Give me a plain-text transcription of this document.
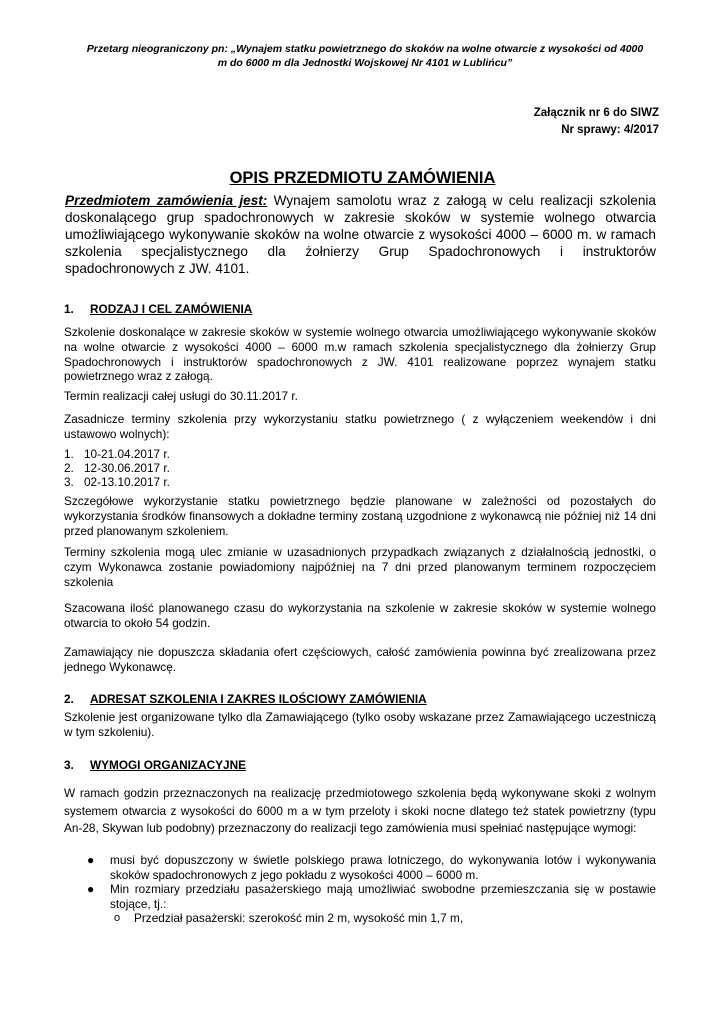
Przetarg nieograniczony pn: „Wynajem statku powietrznego do skoków na wolne otwarcie z wysokości od 4000
m do 6000 m dla Jednostki Wojskowej Nr 4101 w Lublińcu”
Załącznik nr 6 do SIWZ
Nr sprawy: 4/2017
OPIS PRZEDMIOTU ZAMÓWIENIA

Przedmiotem zamówienia jest: Wynajem samolotu wraz z załogą w celu realizacji szkolenia doskonalącego grup spadochronowych w zakresie skoków w systemie wolnego otwarcia umożliwiającego wykonywanie skoków na wolne otwarcie z wysokości 4000 – 6000 m. w ramach szkolenia specjalistycznego dla żołnierzy Grup Spadochronowych i instruktorów spadochronowych z JW. 4101.

1. RODZAJ I CEL ZAMÓWIENIA

Szkolenie doskonalące w zakresie skoków w systemie wolnego otwarcia umożliwiającego wykonywanie skoków na wolne otwarcie z wysokości 4000 – 6000 m.w ramach szkolenia specjalistycznego dla żołnierzy Grup Spadochronowych i instruktorów spadochronowych z JW. 4101 realizowane poprzez wynajem statku powietrznego wraz z załogą.

Termin realizacji całej usługi do 30.11.2017 r.

Zasadnicze terminy szkolenia przy wykorzystaniu statku powietrznego ( z wyłączeniem weekendów i dni ustawowo wolnych):

1. 10-21.04.2017 r.
2. 12-30.06.2017 r.
3. 02-13.10.2017 r.

Szczegółowe wykorzystanie statku powietrznego będzie planowane w zależności od pozostałych do wykorzystania środków finansowych a dokładne terminy zostaną uzgodnione z wykonawcą nie później niż 14 dni przed planowanym szkoleniem.

Terminy szkolenia mogą ulec zmianie w uzasadnionych przypadkach związanych z działalnością jednostki, o czym Wykonawca zostanie powiadomiony najpóźniej na 7 dni przed planowanym terminem rozpoczęciem szkolenia

Szacowana ilość planowanego czasu do wykorzystania na szkolenie w zakresie skoków w systemie wolnego otwarcia to około 54 godzin.

Zamawiający nie dopuszcza składania ofert częściowych, całość zamówienia powinna być zrealizowana przez jednego Wykonawcę.

2. ADRESAT SZKOLENIA I ZAKRES ILOŚCIOWY ZAMÓWIENIA

Szkolenie jest organizowane tylko dla Zamawiającego (tylko osoby wskazane przez Zamawiającego uczestniczą w tym szkoleniu).

3. WYMOGI ORGANIZACYJNE

W ramach godzin przeznaczonych na realizację przedmiotowego szkolenia będą wykonywane skoki z wolnym systemem otwarcia z wysokości do 6000 m a w tym przeloty i skoki nocne dlatego też statek powietrzny (typu An-28, Skywan lub podobny) przeznaczony do realizacji tego zamówienia musi spełniać następujące wymogi:

● musi być dopuszczony w świetle polskiego prawa lotniczego, do wykonywania lotów i wykonywania skoków spadochronowych z jego pokładu z wysokości 4000 – 6000 m.
● Min rozmiary przedziału pasażerskiego mają umożliwiać swobodne przemieszczania się w postawie stojące, tj.:
o Przedział pasażerski: szerokość min 2 m, wysokość min 1,7 m,
